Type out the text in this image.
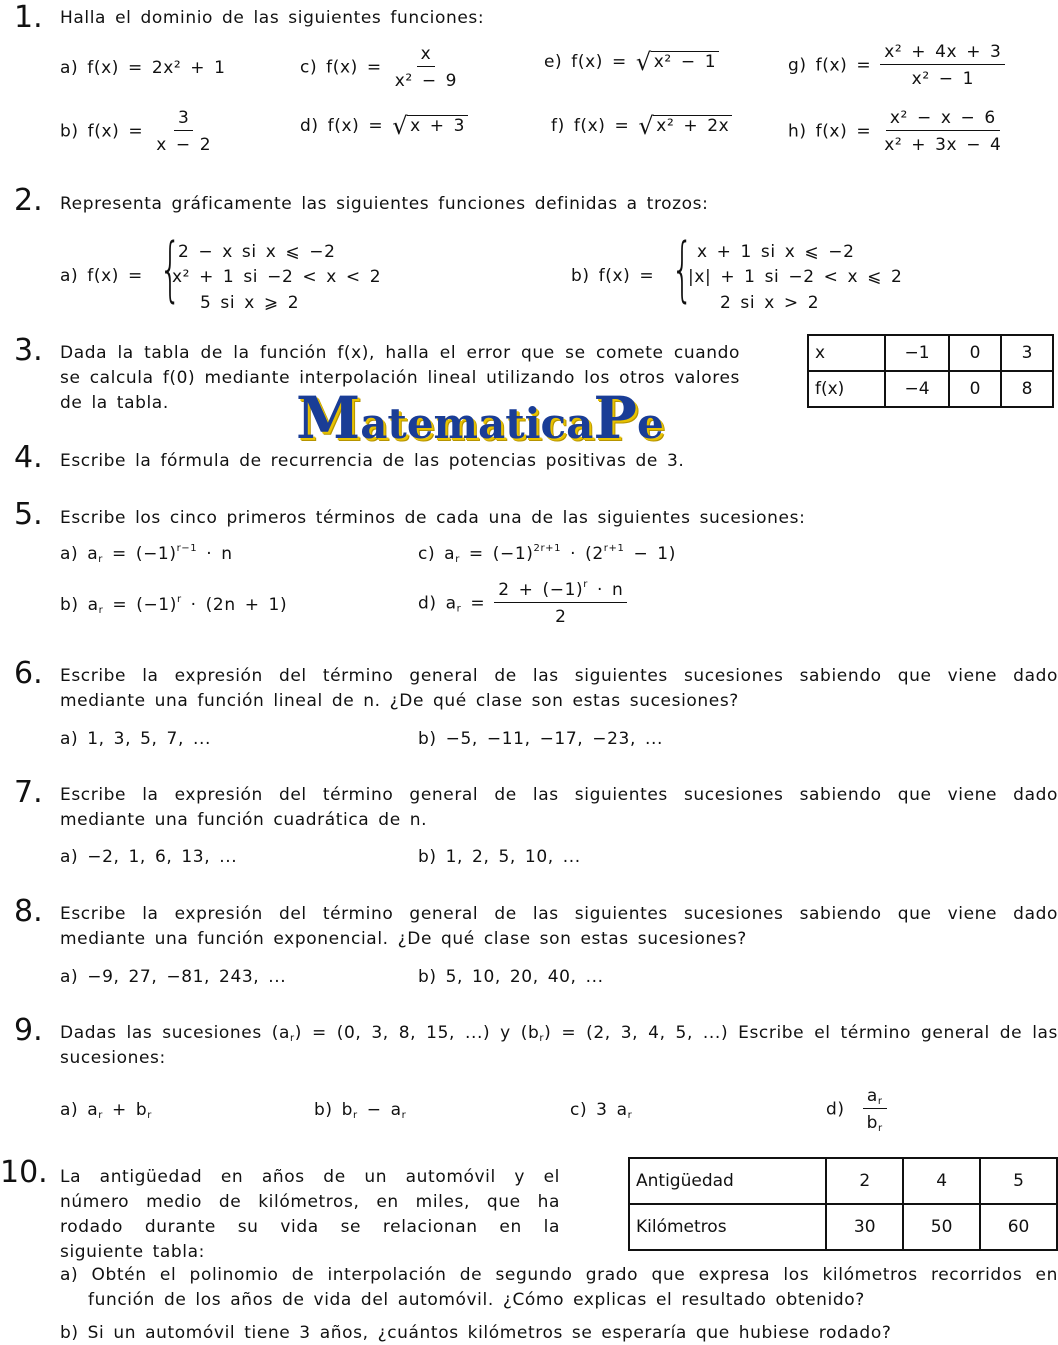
1. Halla el dominio de las siguientes funciones:
a) f(x) = 2x² + 1	c) $f(x) = \frac{x}{\text{x² − 9}}$	e) f(x) = √ x² − 1	g) $f(x) = \frac{\text{x² + 4x + 3}}{\text{x² − 1}}$
b) $f(x) = \frac{3}{x - 2}$	d) f(x) = √ x + 3	f) f(x) = √ x² + 2x	h) $f(x) = \frac{\text{x² − x − 6}}{\text{x² + 3x − 4}}$
2. Representa gráficamente las siguientes funciones definidas a trozos:
a) f(x) = {
2 − x si x ⩽ −2
x² + 1 si −2 < x < 2
5 si x ⩾ 2
b) f(x) = { x + 1 si x ⩽ −2
|x| + 1 si −2 < x ⩽ 2
2 si x > 2
3. Dada la tabla de la función f(x), halla el error que se comete cuando se calcula f(0) mediante interpolación lineal utilizando los otros valores de la tabla.
x	−1	0	3
f(x)	−4	0	8
MatematicaPe
4. Escribe la fórmula de recurrencia de las potencias positivas de 3.
5. Escribe los cinco primeros términos de cada una de las siguientes sucesiones:
a) $a_r = (-1)^{r-1} \cdot n$	c) $a_r = (-1)^{2r+1} \cdot (2^{r+1} - 1)$
b) $a_r = (-1)^r \cdot (2n + 1)$	d) $a_r = \frac{2 + (-1)^r \cdot n}{2}$
6. Escribe la expresión del término general de las siguientes sucesiones sabiendo que viene dado mediante una función lineal de n. ¿De qué clase son estas sucesiones?
a) 1, 3, 5, 7, ...	b) −5, −11, −17, −23, ...
7. Escribe la expresión del término general de las siguientes sucesiones sabiendo que viene dado mediante una función cuadrática de n.
a) −2, 1, 6, 13, ...	b) 1, 2, 5, 10, ...
8. Escribe la expresión del término general de las siguientes sucesiones sabiendo que viene dado mediante una función exponencial. ¿De qué clase son estas sucesiones?
a) −9, 27, −81, 243, ...	b) 5, 10, 20, 40, ...
9. Dadas las sucesiones $(a_r) = (0$, 3, 8, 15, ...) y $(b_r) = (2$, 3, 4, 5, ...) Escribe el término general de las sucesiones:
a) $a_r + b_r$	b) $b_r - a_r$	c) 3 $a_r$	$d) \frac{a_r}{b_r}$
10. La antigüedad en años de un automóvil y el número medio de kilómetros, en miles, que ha rodado durante su vida se relacionan en la siguiente tabla:
Antigüedad	2	4	5
Kilómetros	30	50	60
a) Obtén el polinomio de interpolación de segundo grado que expresa los kilómetros recorridos en función de los años de vida del automóvil. ¿Cómo explicas el resultado obtenido?
b) Si un automóvil tiene 3 años, ¿cuántos kilómetros se esperaría que hubiese rodado?
